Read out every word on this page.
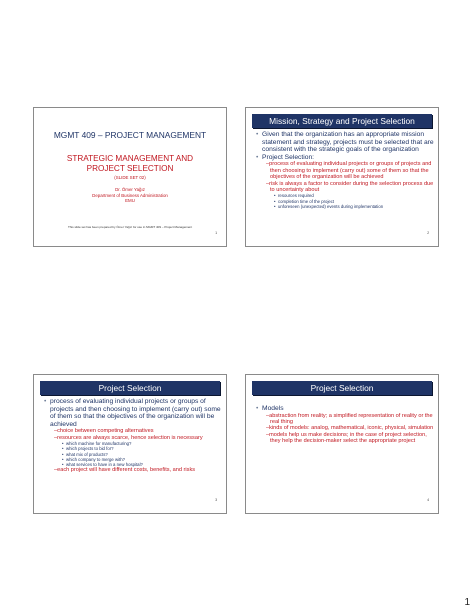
MGMT 409 – PROJECT MANAGEMENT
STRATEGIC MANAGEMENT AND
PROJECT SELECTION
(SLIDE SET 02)
Dr. Ömer Yağız
Department of Business Administration
EMU
This slide set has been prepared by Ömer Yağız for use in MGMT 409 – Project Management
1
Mission, Strategy and Project Selection
• Given that the organization has an appropriate mission statement and strategy, projects must be selected that are consistent with the strategic goals of the organization
• Project Selection:
–process of evaluating individual projects or groups of projects and then choosing to implement (carry out) some of them so that the objectives of the organization will be achieved
–risk is always a factor to consider during the selection process due to uncertainty about
• resources required
• completion time of the project
• unforeseen (unexpected) events during implementation
2
Project Selection
• process of evaluating individual projects or groups of projects and then choosing to implement (carry out) some of them so that the objectives of the organization will be achieved
–choice between competing alternatives
–resources are always scarce, hence selection is necessary
• which machine for manufacturing?
• which projects to bid for?
• what mix of products?
• which company to merge with?
• what services to have in a new hospital?
–each project will have different costs, benefits, and risks
3
Project Selection
• Models
–abstraction from reality; a simplified representation of reality or the real thing
–kinds of models: analog, mathematical, iconic, physical, simulation
–models help us make decisions; in the case of project selection, they help the decision-maker select the appropriate project
4
1
